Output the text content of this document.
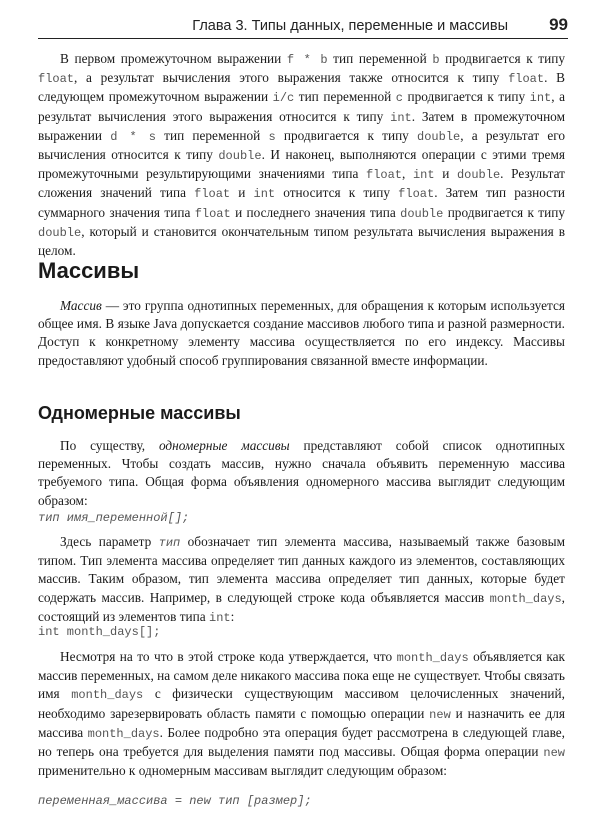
Глава 3. Типы данных, переменные и массивы 99

В первом промежуточном выражении f * b тип переменной b продвигается к типу float, а результат вычисления этого выражения также относится к типу float. В следующем промежуточном выражении i/c тип переменной c продвигается к типу int, а результат вычисления этого выражения относится к типу int. Затем в промежуточном выражении d * s тип переменной s продвигается к типу double, а результат его вычисления относится к типу double. И наконец, выполняются операции с этими тремя промежуточными результирующими значениями типа float, int и double. Результат сложения значений типа float и int относится к типу float. Затем тип разности суммарного значения типа float и последнего значения типа double продвигается к типу double, который и становится окончательным типом результата вычисления выражения в целом.

Массивы

Массив — это группа однотипных переменных, для обращения к которым используется общее имя. В языке Java допускается создание массивов любого типа и разной размерности. Доступ к конкретному элементу массива осуществляется по его индексу. Массивы предоставляют удобный способ группирования связанной вместе информации.

Одномерные массивы

По существу, одномерные массивы представляют собой список однотипных переменных. Чтобы создать массив, нужно сначала объявить переменную массива требуемого типа. Общая форма объявления одномерного массива выглядит следующим образом:

тип имя_переменной[];

Здесь параметр тип обозначает тип элемента массива, называемый также базовым типом. Тип элемента массива определяет тип данных каждого из элементов, составляющих массив. Таким образом, тип элемента массива определяет тип данных, которые будет содержать массив. Например, в следующей строке кода объявляется массив month_days, состоящий из элементов типа int:

int month_days[];

Несмотря на то что в этой строке кода утверждается, что month_days объявляется как массив переменных, на самом деле никакого массива пока еще не существует. Чтобы связать имя month_days с физически существующим массивом целочисленных значений, необходимо зарезервировать область памяти с помощью операции new и назначить ее для массива month_days. Более подробно эта операция будет рассмотрена в следующей главе, но теперь она требуется для выделения памяти под массивы. Общая форма операции new применительно к одномерным массивам выглядит следующим образом:

переменная_массива = new тип [размер];
